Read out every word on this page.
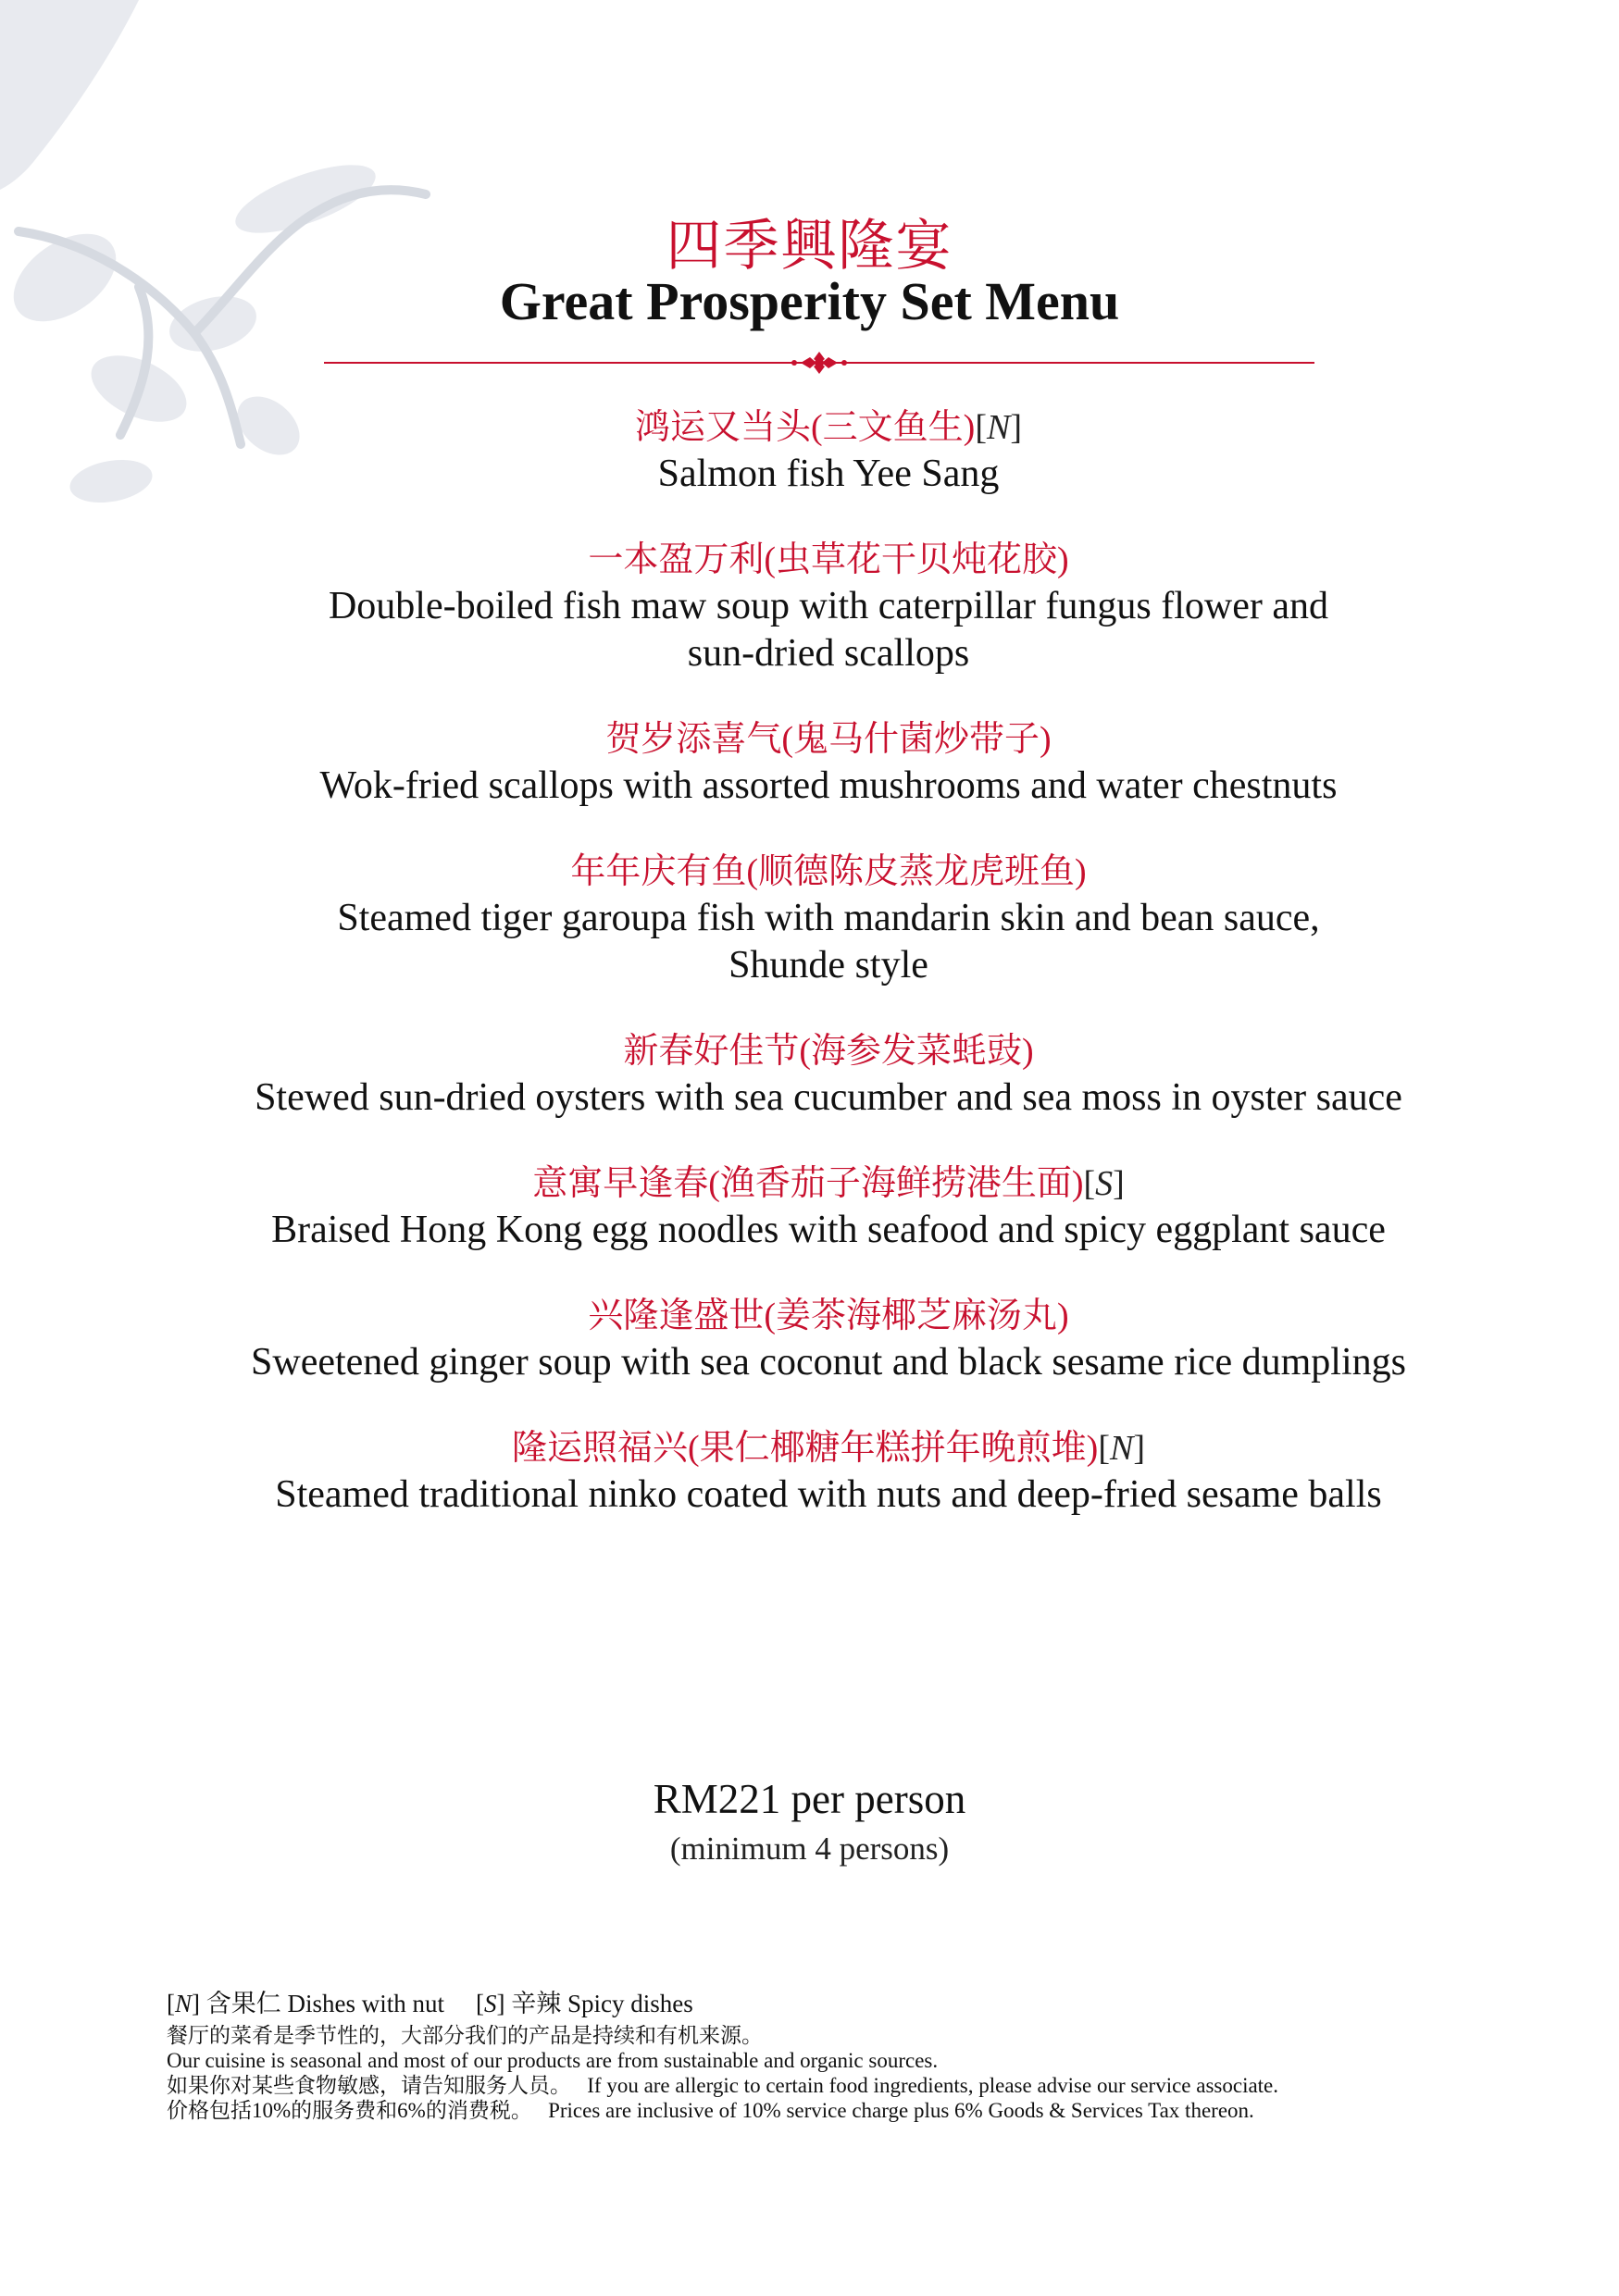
四季興隆宴
Great Prosperity Set Menu
鸿运又当头(三文鱼生)[N]
Salmon fish Yee Sang
一本盈万利(虫草花干贝炖花胶)
Double-boiled fish maw soup with caterpillar fungus flower and
sun-dried scallops
贺岁添喜气(鬼马什菌炒带子)
Wok-fried scallops with assorted mushrooms and water chestnuts
年年庆有鱼(顺德陈皮蒸龙虎班鱼)
Steamed tiger garoupa fish with mandarin skin and bean sauce,
Shunde style
新春好佳节(海参发菜蚝豉)
Stewed sun-dried oysters with sea cucumber and sea moss in oyster sauce
意寓早逢春(渔香茄子海鲜捞港生面)[S]
Braised Hong Kong egg noodles with seafood and spicy eggplant sauce
兴隆逢盛世(姜茶海椰芝麻汤丸)
Sweetened ginger soup with sea coconut and black sesame rice dumplings
隆运照福兴(果仁椰糖年糕拼年晚煎堆)[N]
Steamed traditional ninko coated with nuts and deep-fried sesame balls
RM221 per person
(minimum 4 persons)
[N] 含果仁 Dishes with nut [S] 辛辣 Spicy dishes

餐厅的菜肴是季节性的，大部分我们的产品是持续和有机来源。

Our cuisine is seasonal and most of our products are from sustainable and organic sources.

如果你对某些食物敏感，请告知服务人员。   If you are allergic to certain food ingredients, please advise our service associate.

价格包括10%的服务费和6%的消费税。   Prices are inclusive of 10% service charge plus 6% Goods & Services Tax thereon.
